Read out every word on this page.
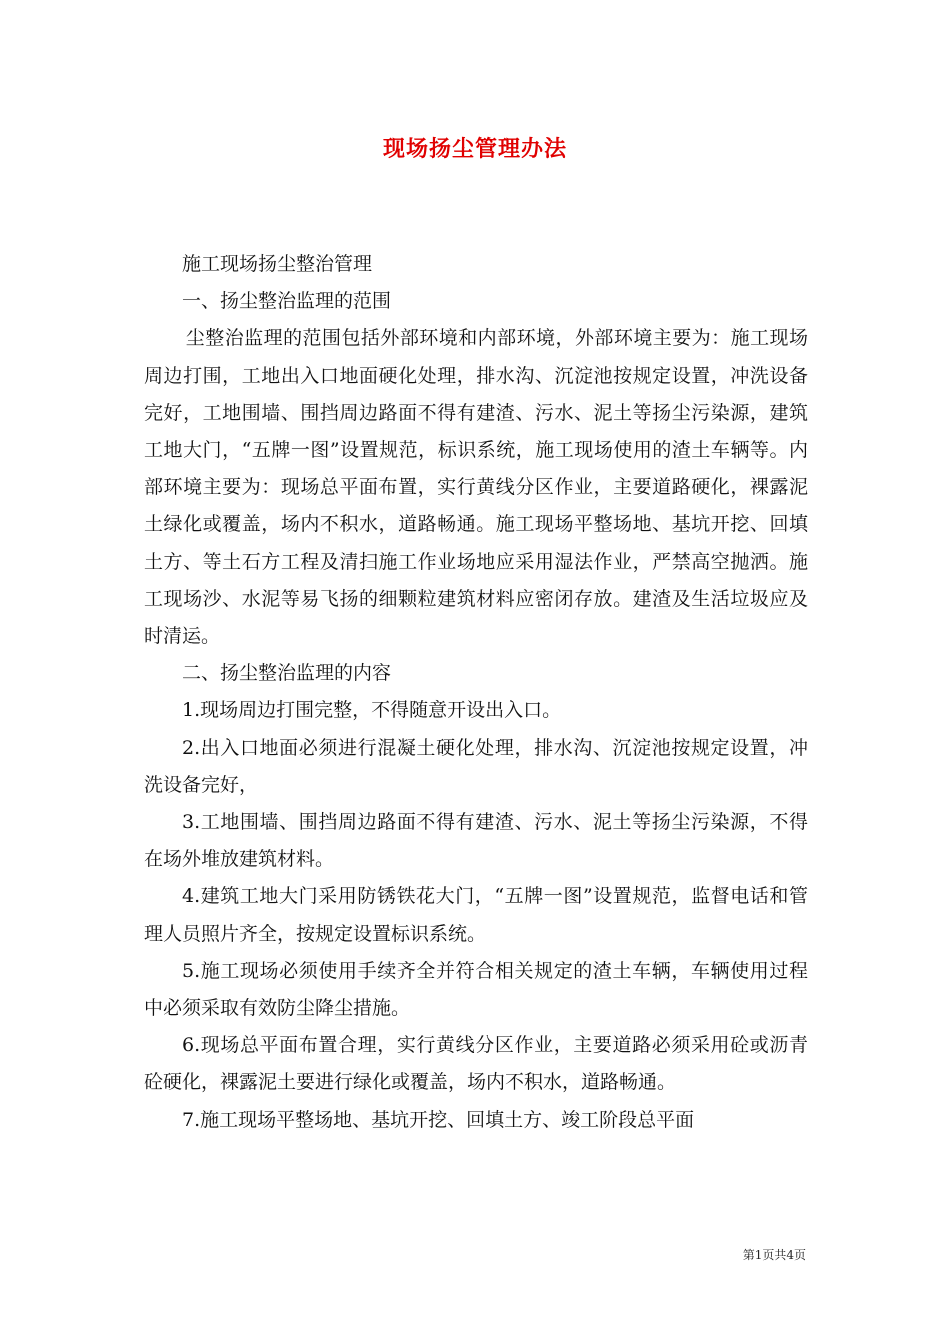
现场扬尘管理办法

施工现场扬尘整治管理

一、扬尘整治监理的范围

尘整治监理的范围包括外部环境和内部环境，外部环境主要为：施工现场周边打围，工地出入口地面硬化处理，排水沟、沉淀池按规定设置，冲洗设备完好，工地围墙、围挡周边路面不得有建渣、污水、泥土等扬尘污染源，建筑工地大门，“五牌一图”设置规范，标识系统，施工现场使用的渣土车辆等。内部环境主要为：现场总平面布置，实行黄线分区作业，主要道路硬化，裸露泥土绿化或覆盖，场内不积水，道路畅通。施工现场平整场地、基坑开挖、回填土方、等土石方工程及清扫施工作业场地应采用湿法作业，严禁高空抛洒。施工现场沙、水泥等易飞扬的细颗粒建筑材料应密闭存放。建渣及生活垃圾应及时清运。

二、扬尘整治监理的内容

1.现场周边打围完整，不得随意开设出入口。

2.出入口地面必须进行混凝土硬化处理，排水沟、沉淀池按规定设置，冲洗设备完好，

3.工地围墙、围挡周边路面不得有建渣、污水、泥土等扬尘污染源，不得在场外堆放建筑材料。

4.建筑工地大门采用防锈铁花大门，“五牌一图”设置规范，监督电话和管理人员照片齐全，按规定设置标识系统。

5.施工现场必须使用手续齐全并符合相关规定的渣土车辆，车辆使用过程中必须采取有效防尘降尘措施。

6.现场总平面布置合理，实行黄线分区作业，主要道路必须采用砼或沥青砼硬化，裸露泥土要进行绿化或覆盖，场内不积水，道路畅通。

7.施工现场平整场地、基坑开挖、回填土方、竣工阶段总平面

第1页共4页
